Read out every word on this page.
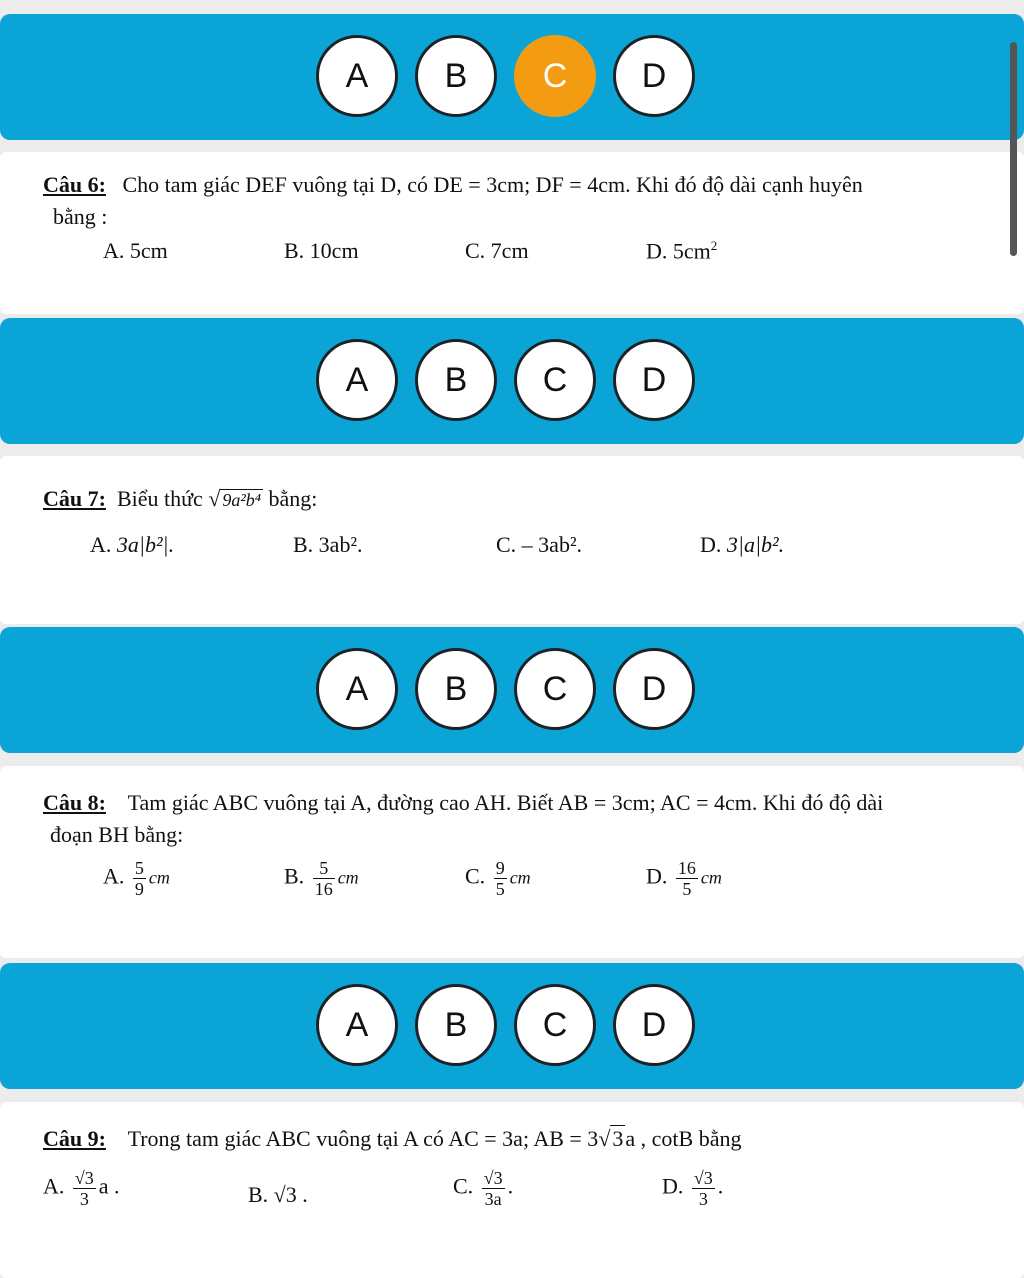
A	B	C	D
Câu 6: Cho tam giác DEF vuông tại D, có DE = 3cm; DF = 4cm. Khi đó độ dài cạnh huyên
bằng :
A. 5cm	B. 10cm	C. 7cm	D. $5cm^2$
A	B	C	D
Câu 7: Biểu thức √ 9a²b⁴ bằng:
A. 3a|b²|.	B. 3ab².	C. – 3ab².	D. 3|a|b².
A	B	C	D
Câu 8: Tam giác ABC vuông tại A, đường cao AH. Biết AB = 3cm; AC = 4cm. Khi đó độ dài
đoạn BH bằng:
A. $\frac{5}{9}$ cm	B. $\frac{5}{16}$ cm	C. $\frac{9}{5}$ cm	D. $\frac{16}{5}$ cm
A	B	C	D
Câu 9: Trong tam giác ABC vuông tại A có AC = 3a; AB = 3√3a , cotB bằng
A. $\frac{√3}{3}$ a .	B. √3 .	C. $\frac{√3}{3a}$ .	D. $\frac{√3}{3}$ .
